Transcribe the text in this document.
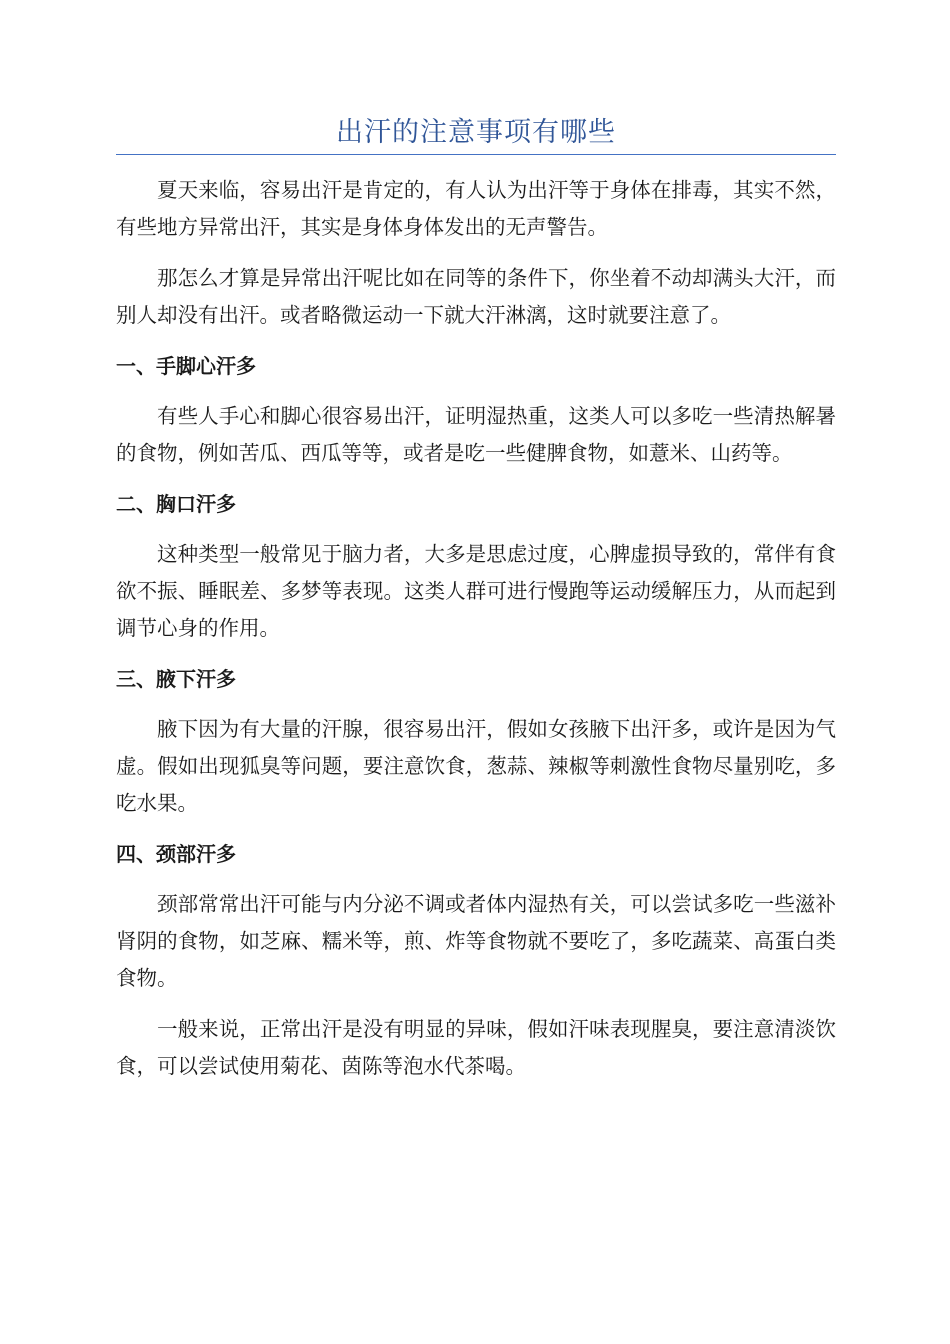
出汗的注意事项有哪些

夏天来临，容易出汗是肯定的，有人认为出汗等于身体在排毒，其实不然，有些地方异常出汗，其实是身体身体发出的无声警告。

那怎么才算是异常出汗呢比如在同等的条件下，你坐着不动却满头大汗，而别人却没有出汗。或者略微运动一下就大汗淋漓，这时就要注意了。

一、手脚心汗多

有些人手心和脚心很容易出汗，证明湿热重，这类人可以多吃一些清热解暑的食物，例如苦瓜、西瓜等等，或者是吃一些健脾食物，如薏米、山药等。

二、胸口汗多

这种类型一般常见于脑力者，大多是思虑过度，心脾虚损导致的，常伴有食欲不振、睡眠差、多梦等表现。这类人群可进行慢跑等运动缓解压力，从而起到调节心身的作用。

三、腋下汗多

腋下因为有大量的汗腺，很容易出汗，假如女孩腋下出汗多，或许是因为气虚。假如出现狐臭等问题，要注意饮食，葱蒜、辣椒等刺激性食物尽量别吃，多吃水果。

四、颈部汗多

颈部常常出汗可能与内分泌不调或者体内湿热有关，可以尝试多吃一些滋补肾阴的食物，如芝麻、糯米等，煎、炸等食物就不要吃了，多吃蔬菜、高蛋白类食物。

一般来说，正常出汗是没有明显的异味，假如汗味表现腥臭，要注意清淡饮食，可以尝试使用菊花、茵陈等泡水代茶喝。
